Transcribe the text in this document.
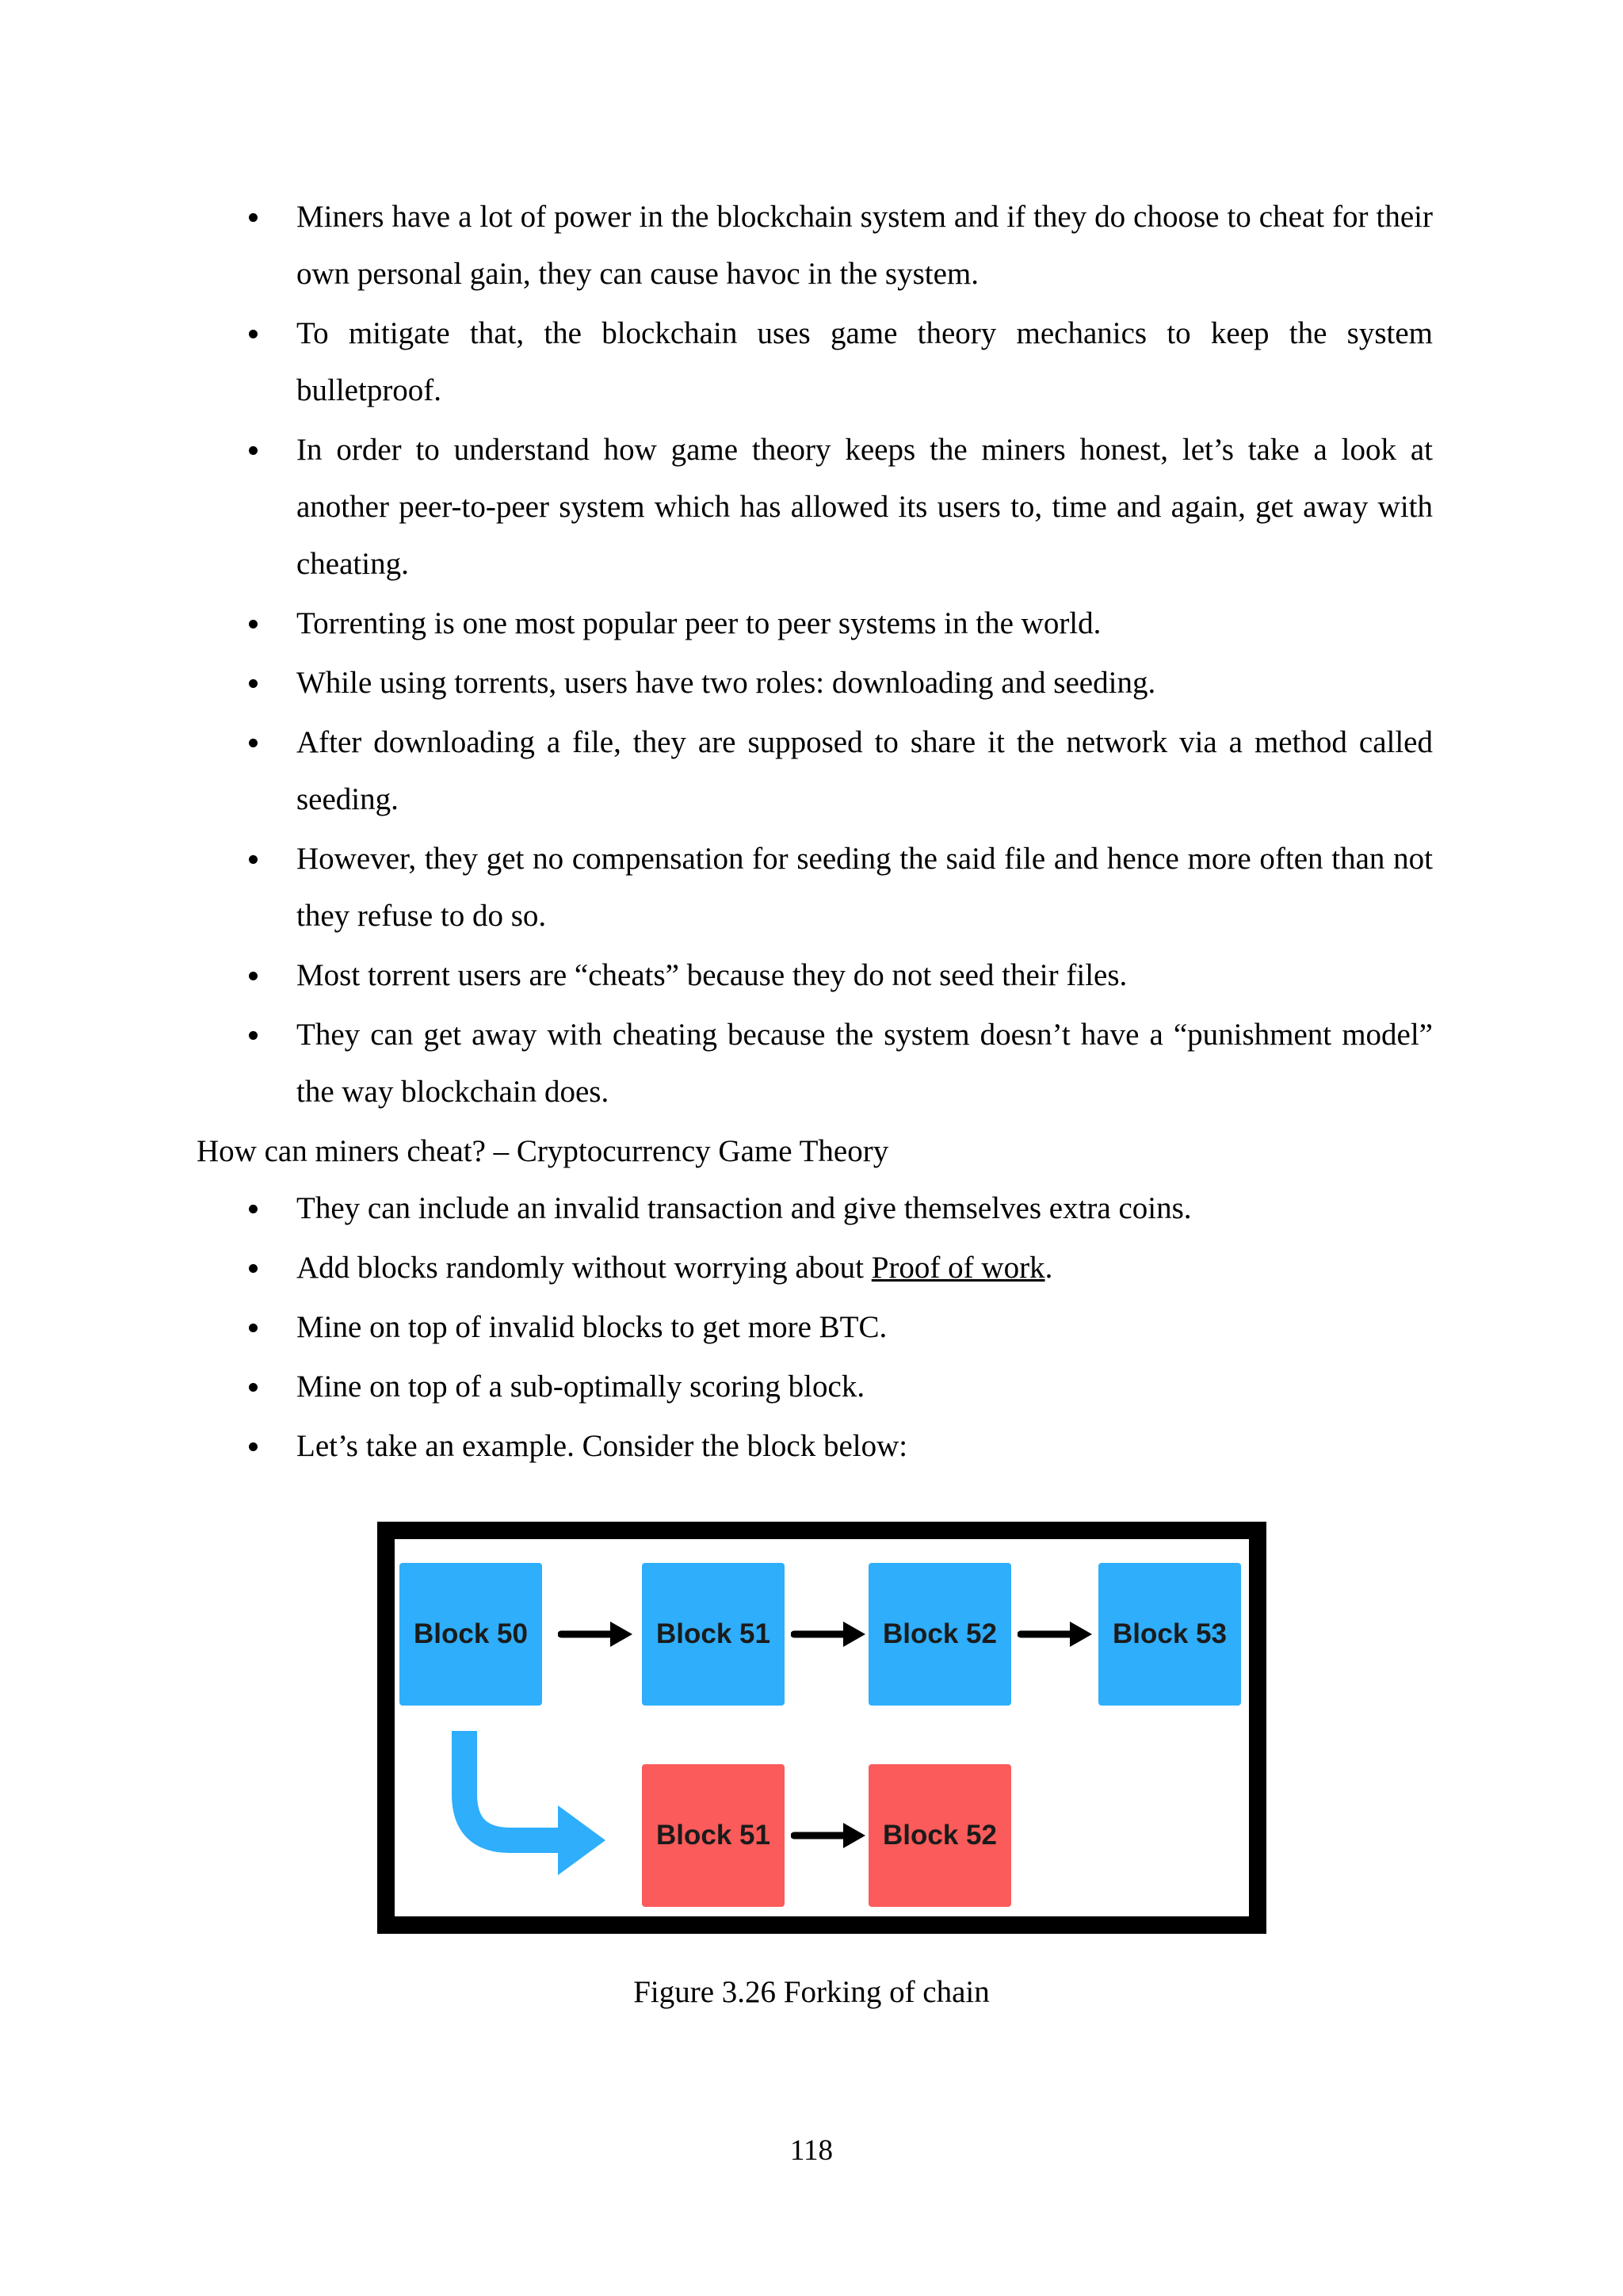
Miners have a lot of power in the blockchain system and if they do choose to cheat for their own personal gain, they can cause havoc in the system.
To mitigate that, the blockchain uses game theory mechanics to keep the system bulletproof.
In order to understand how game theory keeps the miners honest, let’s take a look at another peer-to-peer system which has allowed its users to, time and again, get away with cheating.
Torrenting is one most popular peer to peer systems in the world.
While using torrents, users have two roles: downloading and seeding.
After downloading a file, they are supposed to share it the network via a method called seeding.
However, they get no compensation for seeding the said file and hence more often than not they refuse to do so.
Most torrent users are “cheats” because they do not seed their files.
They can get away with cheating because the system doesn’t have a “punishment model” the way blockchain does.

How can miners cheat? – Cryptocurrency Game Theory

They can include an invalid transaction and give themselves extra coins.
Add blocks randomly without worrying about Proof of work.
Mine on top of invalid blocks to get more BTC.
Mine on top of a sub-optimally scoring block.
Let’s take an example. Consider the block below:
Block 50	Block 51	Block 52	Block 53
Block 51	Block 52
Figure 3.26 Forking of chain
118
